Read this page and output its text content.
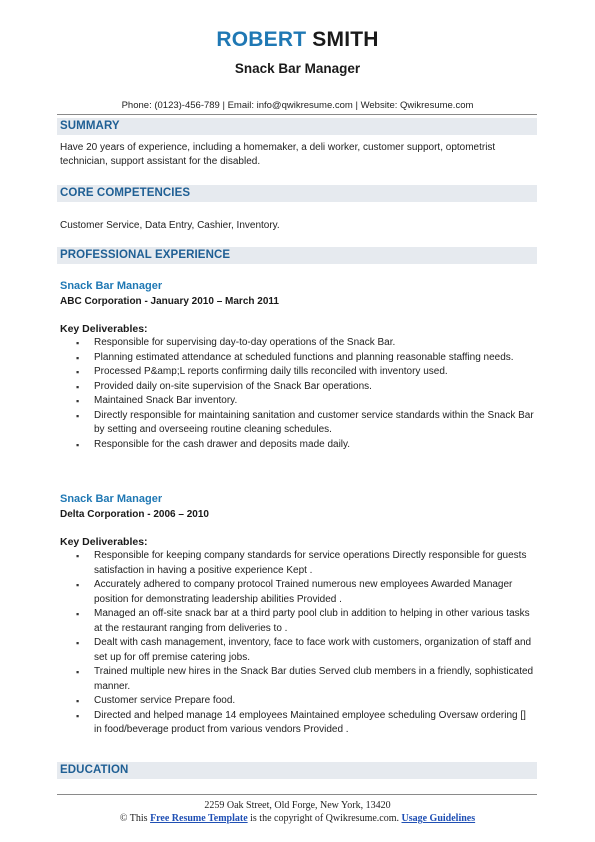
ROBERT SMITH
Snack Bar Manager
Phone: (0123)-456-789 | Email: info@qwikresume.com | Website: Qwikresume.com
SUMMARY
Have 20 years of experience, including a homemaker, a deli worker, customer support, optometrist technician, support assistant for the disabled.
CORE COMPETENCIES
Customer Service, Data Entry, Cashier, Inventory.
PROFESSIONAL EXPERIENCE
Snack Bar Manager
ABC Corporation - January 2010 – March 2011
Key Deliverables:
▪ Responsible for supervising day-to-day operations of the Snack Bar.
▪ Planning estimated attendance at scheduled functions and planning reasonable staffing needs.
▪ Processed P&amp;L reports confirming daily tills reconciled with inventory used.
▪ Provided daily on-site supervision of the Snack Bar operations.
▪ Maintained Snack Bar inventory.
▪ Directly responsible for maintaining sanitation and customer service standards within the Snack Bar by setting and overseeing routine cleaning schedules.
▪ Responsible for the cash drawer and deposits made daily.
Snack Bar Manager
Delta Corporation - 2006 – 2010
Key Deliverables:
▪ Responsible for keeping company standards for service operations Directly responsible for guests satisfaction in having a positive experience Kept .
▪ Accurately adhered to company protocol Trained numerous new employees Awarded Manager position for demonstrating leadership abilities Provided .
▪ Managed an off-site snack bar at a third party pool club in addition to helping in other various tasks at the restaurant ranging from deliveries to .
▪ Dealt with cash management, inventory, face to face work with customers, organization of staff and set up for off premise catering jobs.
▪ Trained multiple new hires in the Snack Bar duties Served club members in a friendly, sophisticated manner.
▪ Customer service Prepare food.
▪ Directed and helped manage 14 employees Maintained employee scheduling Oversaw ordering [] in food/beverage product from various vendors Provided .
EDUCATION
2259 Oak Street, Old Forge, New York, 13420
© This Free Resume Template is the copyright of Qwikresume.com. Usage Guidelines
